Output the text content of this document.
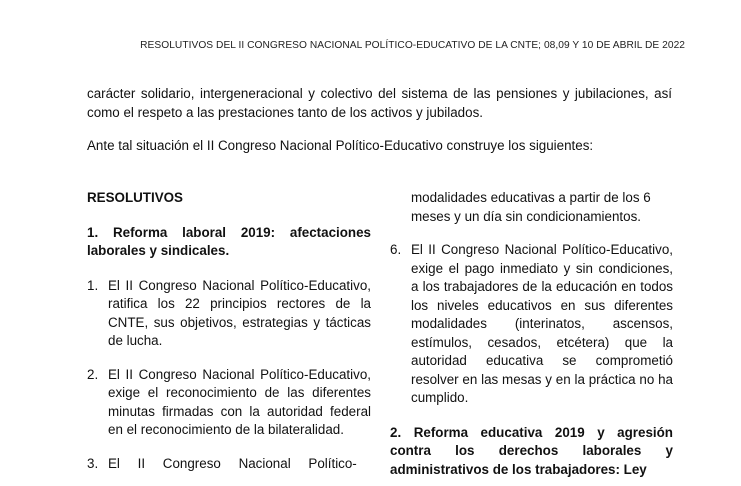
RESOLUTIVOS DEL II CONGRESO NACIONAL POLÍTICO-EDUCATIVO DE LA CNTE; 08,09 Y 10 DE ABRIL DE 2022

carácter solidario, intergeneracional y colectivo del sistema de las pensiones y jubilaciones, así como el respeto a las prestaciones tanto de los activos y jubilados.

Ante tal situación el II Congreso Nacional Político-Educativo construye los siguientes:

RESOLUTIVOS

1. Reforma laboral 2019: afectaciones laborales y sindicales.

1. El II Congreso Nacional Político-Educativo, ratifica los 22 principios rectores de la CNTE, sus objetivos, estrategias y tácticas de lucha.
2. El II Congreso Nacional Político-Educativo, exige el reconocimiento de las diferentes minutas firmadas con la autoridad federal en el reconocimiento de la bilateralidad.
3. El II Congreso Nacional Político-

modalidades educativas a partir de los 6 meses y un día sin condicionamientos.

6. El II Congreso Nacional Político-Educativo, exige el pago inmediato y sin condiciones, a los trabajadores de la educación en todos los niveles educativos en sus diferentes modalidades (interinatos, ascensos, estímulos, cesados, etcétera) que la autoridad educativa se comprometió resolver en las mesas y en la práctica no ha cumplido.

2. Reforma educativa 2019 y agresión contra los derechos laborales y administrativos de los trabajadores: Ley
